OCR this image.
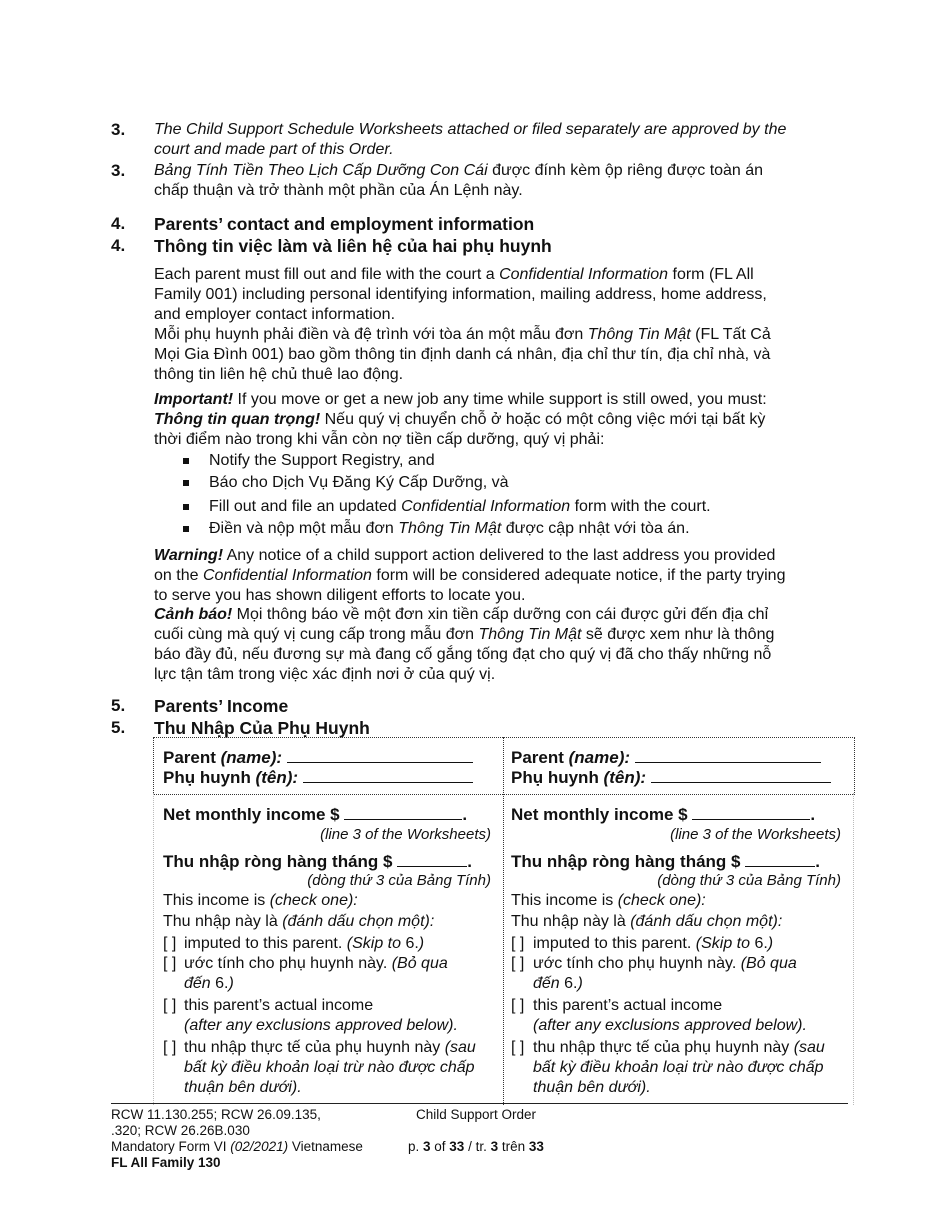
3. The Child Support Schedule Worksheets attached or filed separately are approved by the
court and made part of this Order.
3. Bảng Tính Tiền Theo Lịch Cấp Dưỡng Con Cái được đính kèm ộp riêng được toàn án
chấp thuận và trở thành một phần của Án Lệnh này.
4. Parents’ contact and employment information
4. Thông tin việc làm và liên hệ của hai phụ huynh
Each parent must fill out and file with the court a Confidential Information form (FL All
Family 001) including personal identifying information, mailing address, home address,
and employer contact information.
Mỗi phụ huynh phải điền và đệ trình với tòa án một mẫu đơn Thông Tin Mật (FL Tất Cả
Mọi Gia Đình 001) bao gồm thông tin định danh cá nhân, địa chỉ thư tín, địa chỉ nhà, và
thông tin liên hệ chủ thuê lao động.
Important! If you move or get a new job any time while support is still owed, you must:
Thông tin quan trọng! Nếu quý vị chuyển chỗ ở hoặc có một công việc mới tại bất kỳ
thời điểm nào trong khi vẫn còn nợ tiền cấp dưỡng, quý vị phải:
Notify the Support Registry, and
Báo cho Dịch Vụ Đăng Ký Cấp Dưỡng, và
Fill out and file an updated Confidential Information form with the court.
Điền và nộp một mẫu đơn Thông Tin Mật được cập nhật với tòa án.
Warning! Any notice of a child support action delivered to the last address you provided
on the Confidential Information form will be considered adequate notice, if the party trying
to serve you has shown diligent efforts to locate you.
Cảnh báo! Mọi thông báo về một đơn xin tiền cấp dưỡng con cái được gửi đến địa chỉ
cuối cùng mà quý vị cung cấp trong mẫu đơn Thông Tin Mật sẽ được xem như là thông
báo đầy đủ, nếu đương sự mà đang cố gắng tống đạt cho quý vị đã cho thấy những nỗ
lực tận tâm trong việc xác định nơi ở của quý vị.
5. Parents’ Income
5. Thu Nhập Của Phụ Huynh
Parent (name):
Phụ huynh (tên):
Net monthly income $	.
(line 3 of the Worksheets)
Thu nhập ròng hàng tháng $	.
(dòng thứ 3 của Bảng Tính)
This income is (check one):
Thu nhập này là (đánh dấu chọn một):
[ ] imputed to this parent. (Skip to 6.)
[ ] ước tính cho phụ huynh này. (Bỏ qua
đến 6.)
[ ] this parent’s actual income
(after any exclusions approved below).
[ ] thu nhập thực tế của phụ huynh này (sau
bất kỳ điều khoản loại trừ nào được chấp
thuận bên dưới).
Parent (name):
Phụ huynh (tên):
Net monthly income $	.
(line 3 of the Worksheets)
Thu nhập ròng hàng tháng $	.
(dòng thứ 3 của Bảng Tính)
This income is (check one):
Thu nhập này là (đánh dấu chọn một):
[ ] imputed to this parent. (Skip to 6.)
[ ] ước tính cho phụ huynh này. (Bỏ qua
đến 6.)
[ ] this parent’s actual income
(after any exclusions approved below).
[ ] thu nhập thực tế của phụ huynh này (sau
bất kỳ điều khoản loại trừ nào được chấp
thuận bên dưới).
RCW 11.130.255; RCW 26.09.135,
.320; RCW 26.26B.030
Mandatory Form VI (02/2021) Vietnamese
FL All Family 130
Child Support Order
p. 3 of 33 / tr. 3 trên 33
